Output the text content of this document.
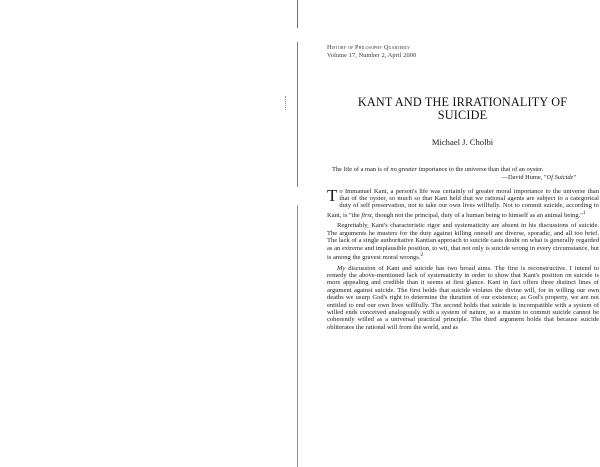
History of Philosophy Quarterly
Volume 17, Number 2, April 2000
KANT AND THE IRRATIONALITY OF
SUICIDE
Michael J. Cholbi
The life of a man is of no greater importance to the universe than that of an oyster.
—David Hume, "Of Suicide"

To Immanuel Kant, a person's life was certainly of greater moral importance to the universe than that of the oyster, so much so that Kant held that we rational agents are subject to a categorical duty of self preservation, not to take our own lives willfully. Not to commit suicide, according to Kant, is "the first, though not the principal, duty of a human being to himself as an animal being."$^1$

Regrettably, Kant's characteristic rigor and systematicity are absent in his discussions of suicide. The arguments he musters for the duty against killing oneself are diverse, sporadic, and all too brief. The lack of a single authoritative Kantian approach to suicide casts doubt on what is generally regarded as an extreme and implausible position, to wit, that not only is suicide wrong in every circumstance, but is among the gravest moral wrongs.$^2$

My discussion of Kant and suicide has two broad aims. The first is reconstructive. I intend to remedy the above-mentioned lack of systematicity in order to show that Kant's position on suicide is more appealing and credible than it seems at first glance. Kant in fact offers three distinct lines of argument against suicide. The first holds that suicide violates the divine will, for in willing our own deaths we usurp God's right to determine the duration of our existence; as God's property, we are not entitled to end our own lives willfully. The second holds that suicide is incompatible with a system of willed ends conceived analogously with a system of nature, so a maxim to commit suicide cannot be coherently willed as a universal practical principle. The third argument holds that because suicide obliterates the rational will from the world, and as
